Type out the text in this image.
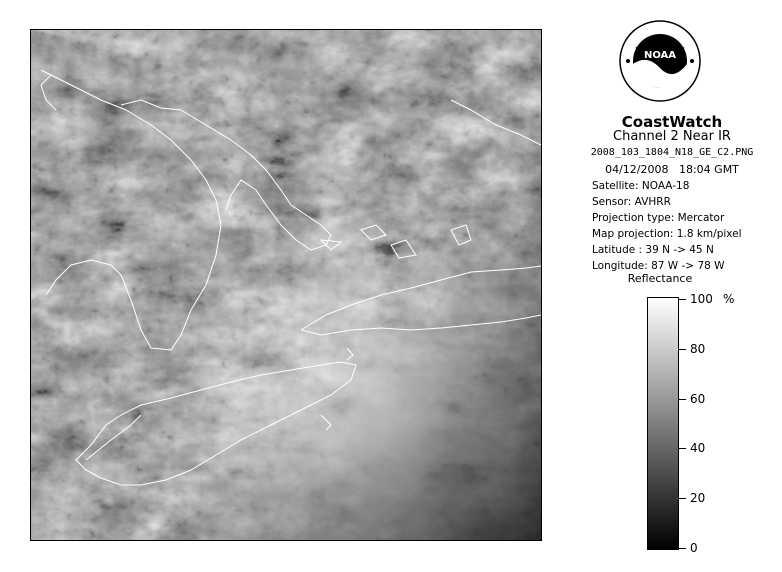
NOAA
CoastWatch
Channel 2 Near IR
2008_103_1804_N18_GE_C2.PNG
04/12/2008   18:04 GMT
Satellite: NOAA-18
Sensor: AVHRR
Projection type: Mercator
Map projection: 1.8 km/pixel
Latitude : 39 N -> 45 N
Longitude: 87 W -> 78 W
Reflectance
%
100
80
60
40
20
0
